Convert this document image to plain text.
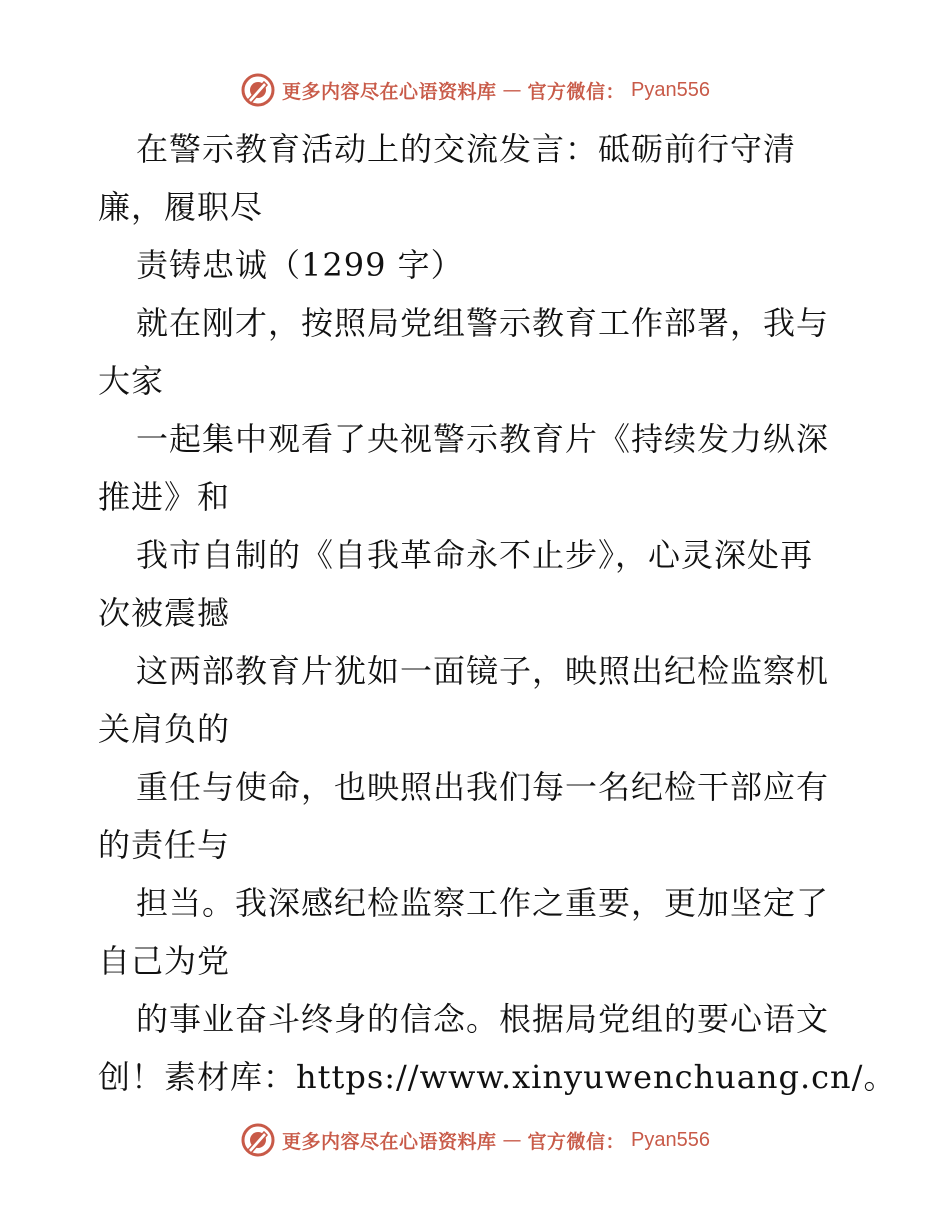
更多内容尽在心语资料库 — 官方微信： Pyan556
在警示教育活动上的交流发言：砥砺前行守清
廉，履职尽
责铸忠诚（1299 字）
就在刚才，按照局党组警示教育工作部署，我与
大家
一起集中观看了央视警示教育片《持续发力纵深
推进》和
我市自制的《自我革命永不止步》，心灵深处再
次被震撼
这两部教育片犹如一面镜子，映照出纪检监察机
关肩负的
重任与使命，也映照出我们每一名纪检干部应有
的责任与
担当。我深感纪检监察工作之重要，更加坚定了
自己为党
的事业奋斗终身的信念。根据局党组的要心语文
创！素材库：https://www.xinyuwenchuang.cn/。
更多内容尽在心语资料库 — 官方微信： Pyan556
